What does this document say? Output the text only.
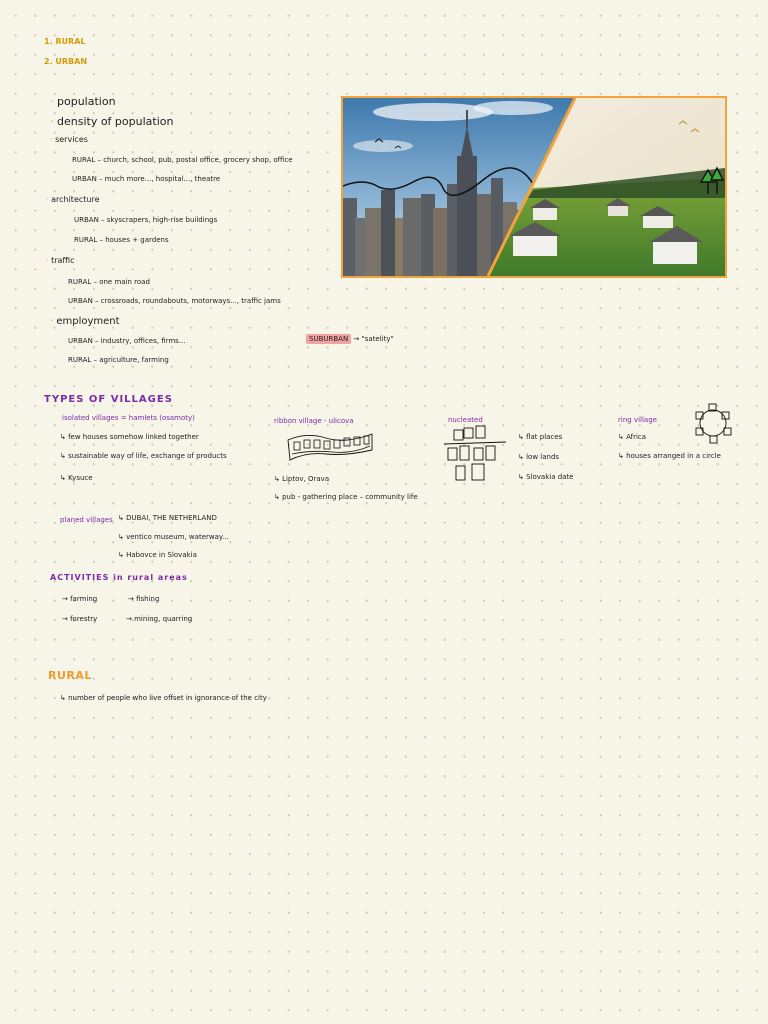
1. RURAL
2. URBAN
· population
· density of population
· services
RURAL – church, school, pub, postal office, grocery shop, office
URBAN – much more..., hospital..., theatre
· architecture
URBAN – skyscrapers, high-rise buildings
RURAL – houses + gardens
· traffic
RURAL – one main road
URBAN – crossroads, roundabouts, motorways..., traffic jams
· employment
URBAN – industry, offices, firms...
RURAL – agriculture, farming
SUBURBAN → "satelity"
TYPES OF VILLAGES
isolated villages = hamlets (osamoty)
↳ few houses somehow linked together
↳ sustainable way of life, exchange of products
↳ Kysuce
ribbon village - ulicova
↳ Liptov, Orava
↳ pub - gathering place – community life
nucleated
↳ flat places
↳ low lands
↳ Slovakia date
ring village
↳ Africa
↳ houses arranged in a circle
planed villages ↳ DUBAI, THE NETHERLAND
↳ ventico museum, waterway...
↳ Habovce in Slovakia
ACTIVITIES in rural areas
→ farming	→ fishing
→ forestry	→ mining, quarring
RURAL
↳ number of people who live offset in ignorance of the city
